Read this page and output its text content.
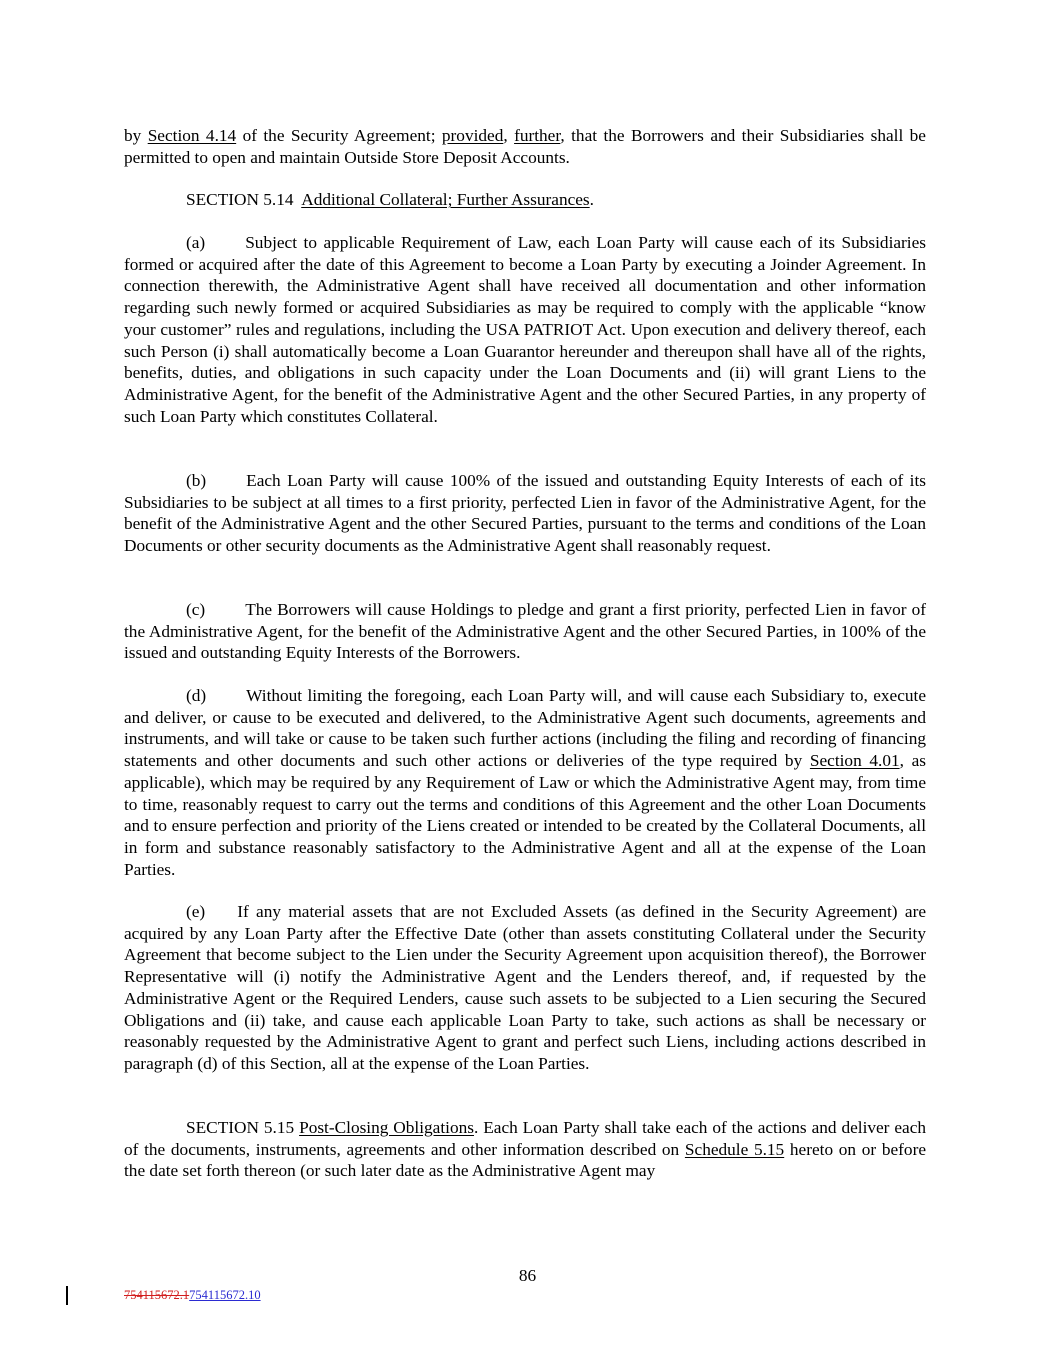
by Section 4.14 of the Security Agreement; provided, further, that the Borrowers and their Subsidiaries shall be permitted to open and maintain Outside Store Deposit Accounts.

SECTION 5.14 Additional Collateral; Further Assurances.

(a) Subject to applicable Requirement of Law, each Loan Party will cause each of its Subsidiaries formed or acquired after the date of this Agreement to become a Loan Party by executing a Joinder Agreement. In connection therewith, the Administrative Agent shall have received all documentation and other information regarding such newly formed or acquired Subsidiaries as may be required to comply with the applicable “know your customer” rules and regulations, including the USA PATRIOT Act. Upon execution and delivery thereof, each such Person (i) shall automatically become a Loan Guarantor hereunder and thereupon shall have all of the rights, benefits, duties, and obligations in such capacity under the Loan Documents and (ii) will grant Liens to the Administrative Agent, for the benefit of the Administrative Agent and the other Secured Parties, in any property of such Loan Party which constitutes Collateral.

(b) Each Loan Party will cause 100% of the issued and outstanding Equity Interests of each of its Subsidiaries to be subject at all times to a first priority, perfected Lien in favor of the Administrative Agent, for the benefit of the Administrative Agent and the other Secured Parties, pursuant to the terms and conditions of the Loan Documents or other security documents as the Administrative Agent shall reasonably request.

(c) The Borrowers will cause Holdings to pledge and grant a first priority, perfected Lien in favor of the Administrative Agent, for the benefit of the Administrative Agent and the other Secured Parties, in 100% of the issued and outstanding Equity Interests of the Borrowers.

(d) Without limiting the foregoing, each Loan Party will, and will cause each Subsidiary to, execute and deliver, or cause to be executed and delivered, to the Administrative Agent such documents, agreements and instruments, and will take or cause to be taken such further actions (including the filing and recording of financing statements and other documents and such other actions or deliveries of the type required by Section 4.01, as applicable), which may be required by any Requirement of Law or which the Administrative Agent may, from time to time, reasonably request to carry out the terms and conditions of this Agreement and the other Loan Documents and to ensure perfection and priority of the Liens created or intended to be created by the Collateral Documents, all in form and substance reasonably satisfactory to the Administrative Agent and all at the expense of the Loan Parties.

(e) If any material assets that are not Excluded Assets (as defined in the Security Agreement) are acquired by any Loan Party after the Effective Date (other than assets constituting Collateral under the Security Agreement that become subject to the Lien under the Security Agreement upon acquisition thereof), the Borrower Representative will (i) notify the Administrative Agent and the Lenders thereof, and, if requested by the Administrative Agent or the Required Lenders, cause such assets to be subjected to a Lien securing the Secured Obligations and (ii) take, and cause each applicable Loan Party to take, such actions as shall be necessary or reasonably requested by the Administrative Agent to grant and perfect such Liens, including actions described in paragraph (d) of this Section, all at the expense of the Loan Parties.

SECTION 5.15 Post-Closing Obligations. Each Loan Party shall take each of the actions and deliver each of the documents, instruments, agreements and other information described on Schedule 5.15 hereto on or before the date set forth thereon (or such later date as the Administrative Agent may

86
754115672.1754115672.10
